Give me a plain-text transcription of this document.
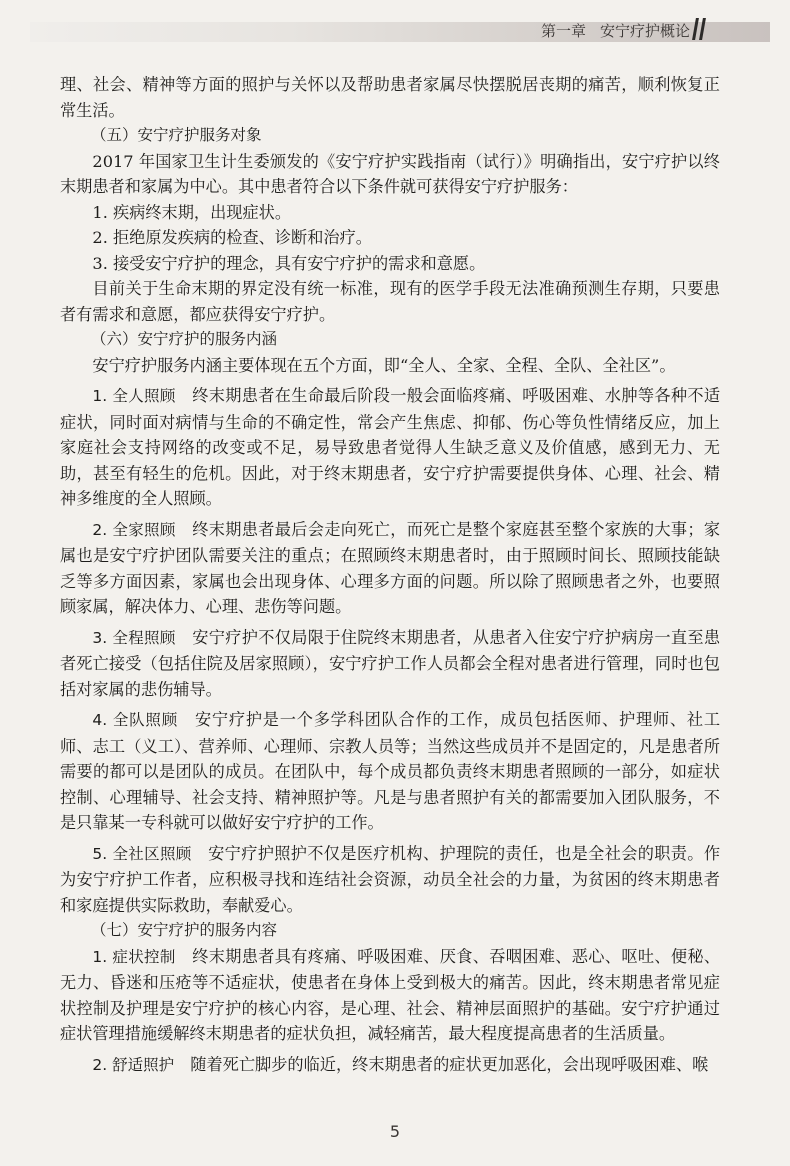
第一章 安宁疗护概论

理、社会、精神等方面的照护与关怀以及帮助患者家属尽快摆脱居丧期的痛苦，顺利恢复正常生活。

（五）安宁疗护服务对象

2017 年国家卫生计生委颁发的《安宁疗护实践指南（试行）》明确指出，安宁疗护以终末期患者和家属为中心。其中患者符合以下条件就可获得安宁疗护服务：

1. 疾病终末期，出现症状。

2. 拒绝原发疾病的检查、诊断和治疗。

3. 接受安宁疗护的理念，具有安宁疗护的需求和意愿。

目前关于生命末期的界定没有统一标准，现有的医学手段无法准确预测生存期，只要患者有需求和意愿，都应获得安宁疗护。

（六）安宁疗护的服务内涵

安宁疗护服务内涵主要体现在五个方面，即“全人、全家、全程、全队、全社区”。

1. 全人照顾　 终末期患者在生命最后阶段一般会面临疼痛、呼吸困难、水肿等各种不适症状，同时面对病情与生命的不确定性，常会产生焦虑、抑郁、伤心等负性情绪反应，加上家庭社会支持网络的改变或不足，易导致患者觉得人生缺乏意义及价值感，感到无力、无助，甚至有轻生的危机。因此，对于终末期患者，安宁疗护需要提供身体、心理、社会、精神多维度的全人照顾。

2. 全家照顾　 终末期患者最后会走向死亡，而死亡是整个家庭甚至整个家族的大事；家属也是安宁疗护团队需要关注的重点；在照顾终末期患者时，由于照顾时间长、照顾技能缺乏等多方面因素，家属也会出现身体、心理多方面的问题。所以除了照顾患者之外，也要照顾家属，解决体力、心理、悲伤等问题。

3. 全程照顾　 安宁疗护不仅局限于住院终末期患者，从患者入住安宁疗护病房一直至患者死亡接受（包括住院及居家照顾），安宁疗护工作人员都会全程对患者进行管理，同时也包括对家属的悲伤辅导。

4. 全队照顾　 安宁疗护是一个多学科团队合作的工作，成员包括医师、护理师、社工师、志工（义工）、营养师、心理师、宗教人员等；当然这些成员并不是固定的，凡是患者所需要的都可以是团队的成员。在团队中，每个成员都负责终末期患者照顾的一部分，如症状控制、心理辅导、社会支持、精神照护等。凡是与患者照护有关的都需要加入团队服务，不是只靠某一专科就可以做好安宁疗护的工作。

5. 全社区照顾　 安宁疗护照护不仅是医疗机构、护理院的责任，也是全社会的职责。作为安宁疗护工作者，应积极寻找和连结社会资源，动员全社会的力量，为贫困的终末期患者和家庭提供实际救助，奉献爱心。

（七）安宁疗护的服务内容

1. 症状控制　 终末期患者具有疼痛、呼吸困难、厌食、吞咽困难、恶心、呕吐、便秘、无力、昏迷和压疮等不适症状，使患者在身体上受到极大的痛苦。因此，终末期患者常见症状控制及护理是安宁疗护的核心内容，是心理、社会、精神层面照护的基础。安宁疗护通过症状管理措施缓解终末期患者的症状负担，减轻痛苦，最大程度提高患者的生活质量。

2. 舒适照护　 随着死亡脚步的临近，终末期患者的症状更加恶化，会出现呼吸困难、喉

5
